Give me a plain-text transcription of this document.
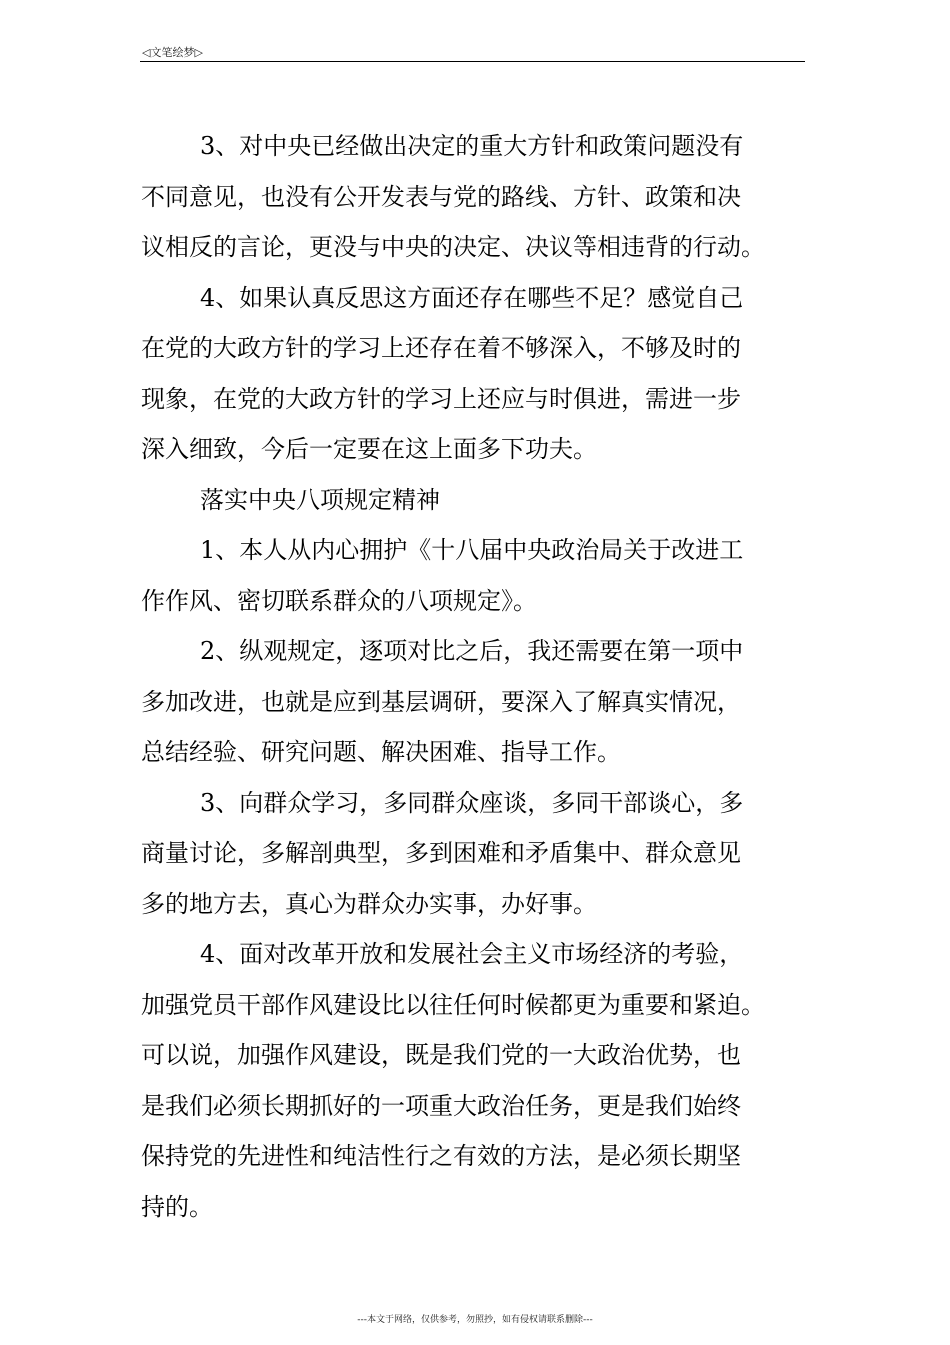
◁文笔绘梦▷
3、对中央已经做出决定的重大方针和政策问题没有
不同意见，也没有公开发表与党的路线、方针、政策和决
议相反的言论，更没与中央的决定、决议等相违背的行动。
4、如果认真反思这方面还存在哪些不足？感觉自己
在党的大政方针的学习上还存在着不够深入，不够及时的
现象，在党的大政方针的学习上还应与时俱进，需进一步
深入细致，今后一定要在这上面多下功夫。
落实中央八项规定精神
1、本人从内心拥护《十八届中央政治局关于改进工
作作风、密切联系群众的八项规定》。
2、纵观规定，逐项对比之后，我还需要在第一项中
多加改进，也就是应到基层调研，要深入了解真实情况，
总结经验、研究问题、解决困难、指导工作。
3、向群众学习，多同群众座谈，多同干部谈心，多
商量讨论，多解剖典型，多到困难和矛盾集中、群众意见
多的地方去，真心为群众办实事，办好事。
4、面对改革开放和发展社会主义市场经济的考验，
加强党员干部作风建设比以往任何时候都更为重要和紧迫。
可以说，加强作风建设，既是我们党的一大政治优势，也
是我们必须长期抓好的一项重大政治任务，更是我们始终
保持党的先进性和纯洁性行之有效的方法，是必须长期坚
持的。
---本文于网络，仅供参考，勿照抄，如有侵权请联系删除---
